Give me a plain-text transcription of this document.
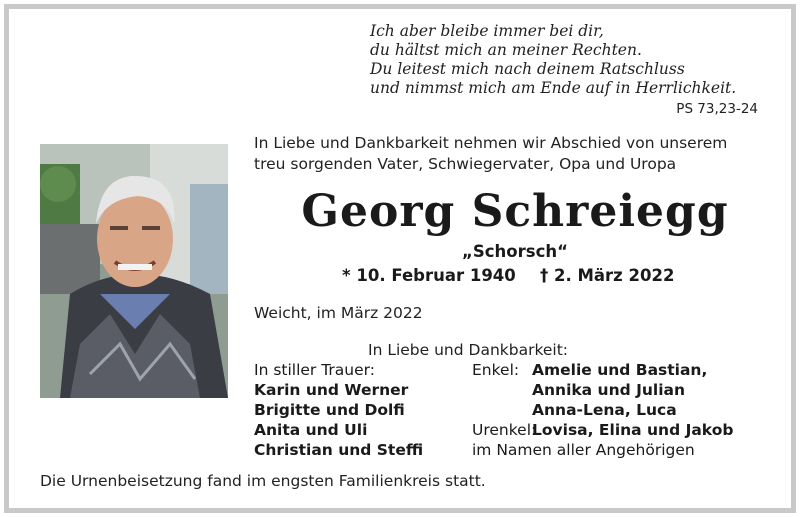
Ich aber bleibe immer bei dir,
du hältst mich an meiner Rechten.
Du leitest mich nach deinem Ratschluss
und nimmst mich am Ende auf in Herrlichkeit.
PS 73,23-24
In Liebe und Dankbarkeit nehmen wir Abschied von unserem
treu sorgenden Vater, Schwiegervater, Opa und Uropa
Georg Schreiegg
„Schorsch“
* 10. Februar 1940 † 2. März 2022
Weicht, im März 2022
In Liebe und Dankbarkeit:
In stiller Trauer:
Karin und Werner
Brigitte und Dolfi
Anita und Uli
Christian und Steffi
Enkel: Amelie und Bastian,
Annika und Julian
Anna-Lena, Luca
Urenkel:
Lovisa, Elina und Jakob
im Namen aller Angehörigen
Die Urnenbeisetzung fand im engsten Familienkreis statt.
